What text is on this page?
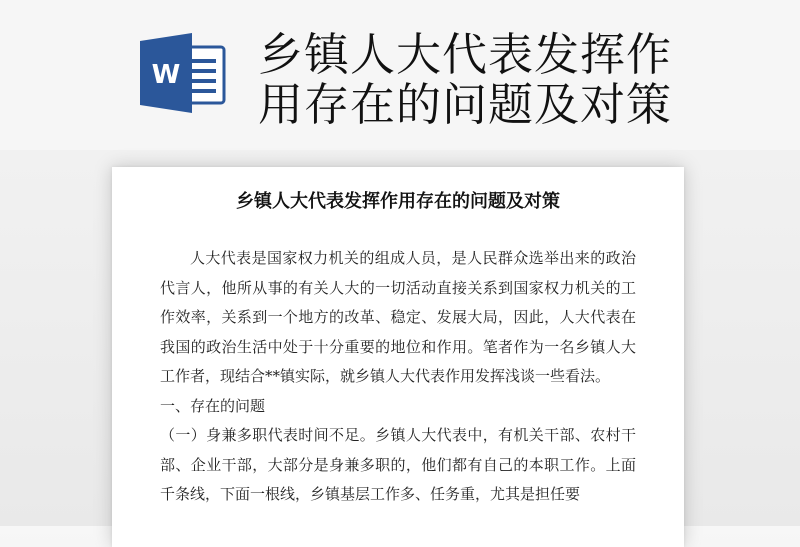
W 乡镇人大代表发挥作用存在的问题及对策
乡镇人大代表发挥作用存在的问题及对策

人大代表是国家权力机关的组成人员，是人民群众选举出来的政治代言人，他所从事的有关人大的一切活动直接关系到国家权力机关的工作效率，关系到一个地方的改革、稳定、发展大局，因此，人大代表在我国的政治生活中处于十分重要的地位和作用。笔者作为一名乡镇人大工作者，现结合**镇实际，就乡镇人大代表作用发挥浅谈一些看法。

一、存在的问题

（一）身兼多职代表时间不足。乡镇人大代表中，有机关干部、农村干部、企业干部，大部分是身兼多职的，他们都有自己的本职工作。上面千条线，下面一根线，乡镇基层工作多、任务重，尤其是担任要
